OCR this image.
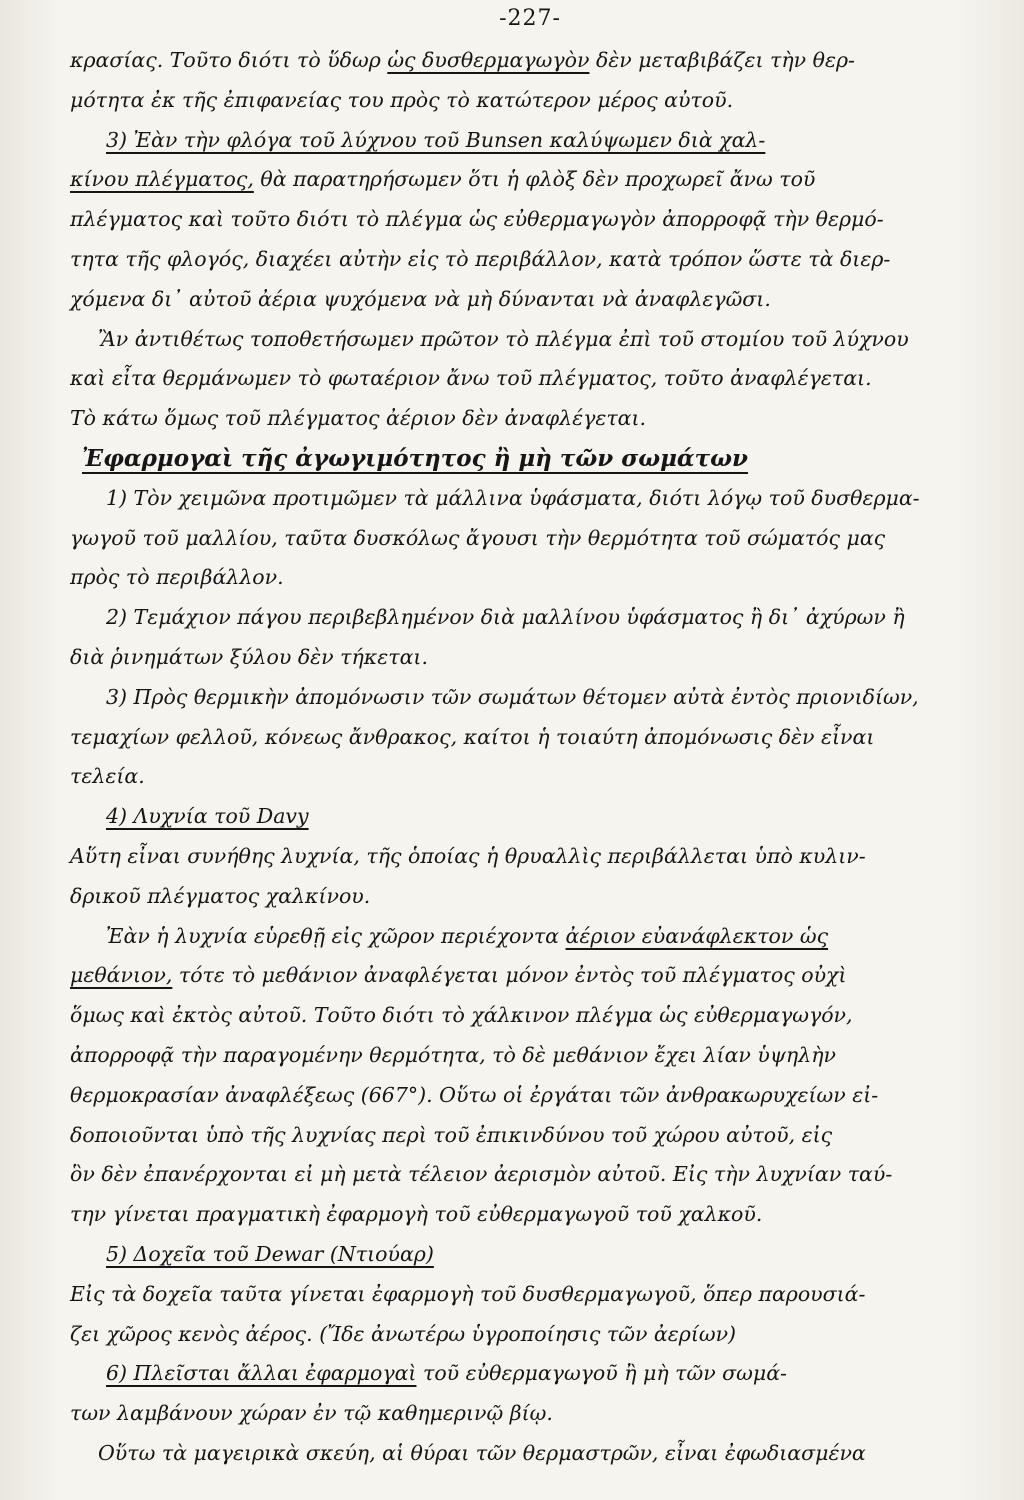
-227-
κρασίας. Τοῦτο διότι τὸ ὕδωρ ὡς δυσθερμαγωγὸν δὲν μεταβιβάζει τὴν θερ-
μότητα ἐκ τῆς ἐπιφανείας του πρὸς τὸ κατώτερον μέρος αὐτοῦ.
3) Ἐὰν τὴν φλόγα τοῦ λύχνου τοῦ Bunsen καλύψωμεν διὰ χαλ-
κίνου πλέγματος, θὰ παρατηρήσωμεν ὅτι ἡ φλὸξ δὲν προχωρεῖ ἄνω τοῦ
πλέγματος καὶ τοῦτο διότι τὸ πλέγμα ὡς εὐθερμαγωγὸν ἀπορροφᾷ τὴν θερμό-
τητα τῆς φλογός, διαχέει αὐτὴν εἰς τὸ περιβάλλον, κατὰ τρόπον ὥστε τὰ διερ-
χόμενα δι᾽ αὐτοῦ ἀέρια ψυχόμενα νὰ μὴ δύνανται νὰ ἀναφλεγῶσι.
Ἂν ἀντιθέτως τοποθετήσωμεν πρῶτον τὸ πλέγμα ἐπὶ τοῦ στομίου τοῦ λύχνου
καὶ εἶτα θερμάνωμεν τὸ φωταέριον ἄνω τοῦ πλέγματος, τοῦτο ἀναφλέγεται.
Τὸ κάτω ὅμως τοῦ πλέγματος ἀέριον δὲν ἀναφλέγεται.
Ἐφαρμογαὶ τῆς ἀγωγιμότητος ἢ μὴ τῶν σωμάτων
1) Τὸν χειμῶνα προτιμῶμεν τὰ μάλλινα ὑφάσματα, διότι λόγῳ τοῦ δυσθερμα-
γωγοῦ τοῦ μαλλίου, ταῦτα δυσκόλως ἄγουσι τὴν θερμότητα τοῦ σώματός μας
πρὸς τὸ περιβάλλον.
2) Τεμάχιον πάγου περιβεβλημένον διὰ μαλλίνου ὑφάσματος ἢ δι᾽ ἀχύρων ἢ
διὰ ῥινημάτων ξύλου δὲν τήκεται.
3) Πρὸς θερμικὴν ἀπομόνωσιν τῶν σωμάτων θέτομεν αὐτὰ ἐντὸς πριονιδίων,
τεμαχίων φελλοῦ, κόνεως ἄνθρακος, καίτοι ἡ τοιαύτη ἀπομόνωσις δὲν εἶναι
τελεία.
4) Λυχνία τοῦ Davy
Αὕτη εἶναι συνήθης λυχνία, τῆς ὁποίας ἡ θρυαλλὶς περιβάλλεται ὑπὸ κυλιν-
δρικοῦ πλέγματος χαλκίνου.
Ἐὰν ἡ λυχνία εὑρεθῇ εἰς χῶρον περιέχοντα ἀέριον εὐανάφλεκτον ὡς
μεθάνιον, τότε τὸ μεθάνιον ἀναφλέγεται μόνον ἐντὸς τοῦ πλέγματος οὐχὶ
ὅμως καὶ ἐκτὸς αὐτοῦ. Τοῦτο διότι τὸ χάλκινον πλέγμα ὡς εὐθερμαγωγόν,
ἀπορροφᾷ τὴν παραγομένην θερμότητα, τὸ δὲ μεθάνιον ἔχει λίαν ὑψηλὴν
θερμοκρασίαν ἀναφλέξεως (667°). Οὕτω οἱ ἐργάται τῶν ἀνθρακωρυχείων εἰ-
δοποιοῦνται ὑπὸ τῆς λυχνίας περὶ τοῦ ἐπικινδύνου τοῦ χώρου αὐτοῦ, εἰς
ὃν δὲν ἐπανέρχονται εἰ μὴ μετὰ τέλειον ἀερισμὸν αὐτοῦ. Εἰς τὴν λυχνίαν ταύ-
την γίνεται πραγματικὴ ἐφαρμογὴ τοῦ εὐθερμαγωγοῦ τοῦ χαλκοῦ.
5) Δοχεῖα τοῦ Dewar (Ντιούαρ)
Εἰς τὰ δοχεῖα ταῦτα γίνεται ἐφαρμογὴ τοῦ δυσθερμαγωγοῦ, ὅπερ παρουσιά-
ζει χῶρος κενὸς ἀέρος. (Ἴδε ἀνωτέρω ὑγροποίησις τῶν ἀερίων)
6) Πλεῖσται ἄλλαι ἐφαρμογαὶ τοῦ εὐθερμαγωγοῦ ἢ μὴ τῶν σωμά-
των λαμβάνουν χώραν ἐν τῷ καθημερινῷ βίῳ.
Οὕτω τὰ μαγειρικὰ σκεύη, αἱ θύραι τῶν θερμαστρῶν, εἶναι ἐφωδιασμένα
